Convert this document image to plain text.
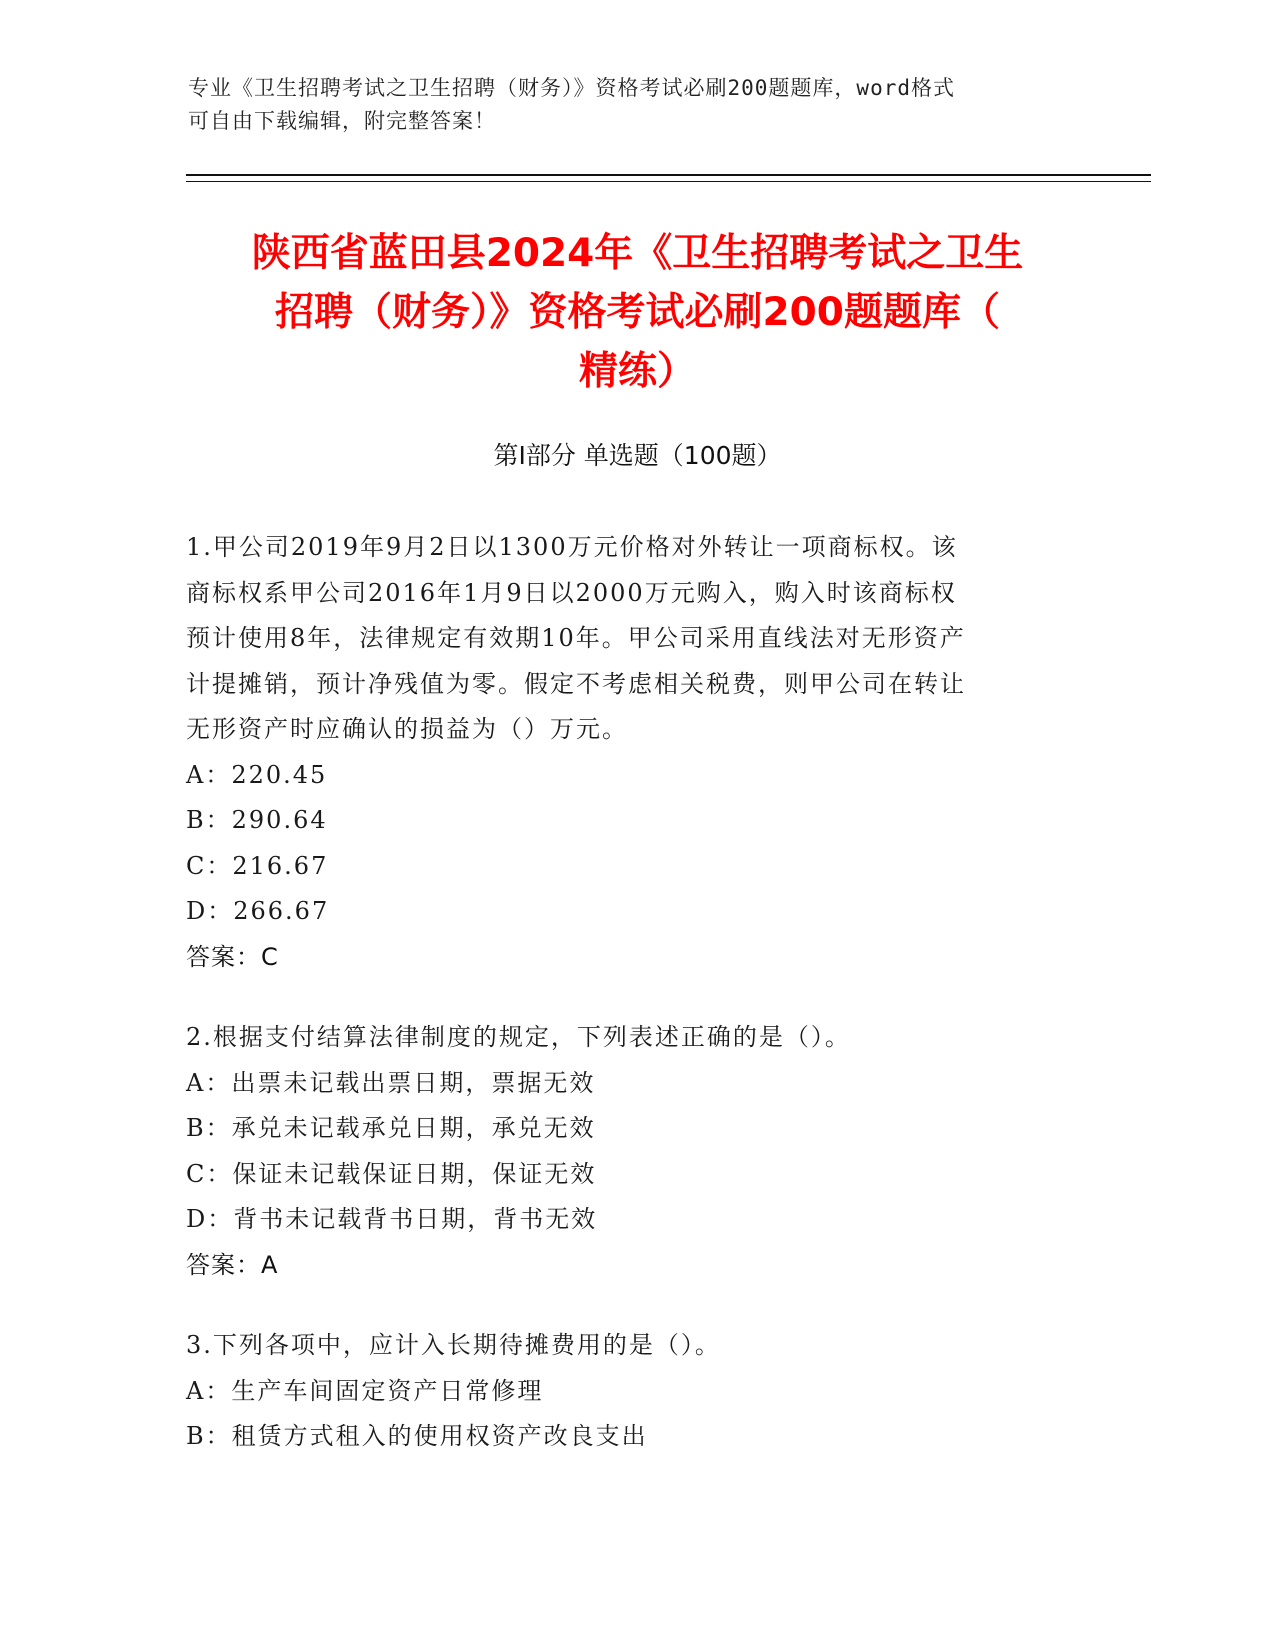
专业《卫生招聘考试之卫生招聘（财务）》资格考试必刷200题题库，word格式
可自由下载编辑，附完整答案！
陕西省蓝田县2024年《卫生招聘考试之卫生
招聘（财务）》资格考试必刷200题题库（
精练）
第I部分 单选题（100题）
1.甲公司2019年9月2日以1300万元价格对外转让一项商标权。该
商标权系甲公司2016年1月9日以2000万元购入，购入时该商标权
预计使用8年，法律规定有效期10年。甲公司采用直线法对无形资产
计提摊销，预计净残值为零。假定不考虑相关税费，则甲公司在转让
无形资产时应确认的损益为（）万元。
A：220.45
B：290.64
C：216.67
D：266.67
答案：C
2.根据支付结算法律制度的规定，下列表述正确的是（）。
A：出票未记载出票日期，票据无效
B：承兑未记载承兑日期，承兑无效
C：保证未记载保证日期，保证无效
D：背书未记载背书日期，背书无效
答案：A
3.下列各项中，应计入长期待摊费用的是（）。
A：生产车间固定资产日常修理
B：租赁方式租入的使用权资产改良支出
